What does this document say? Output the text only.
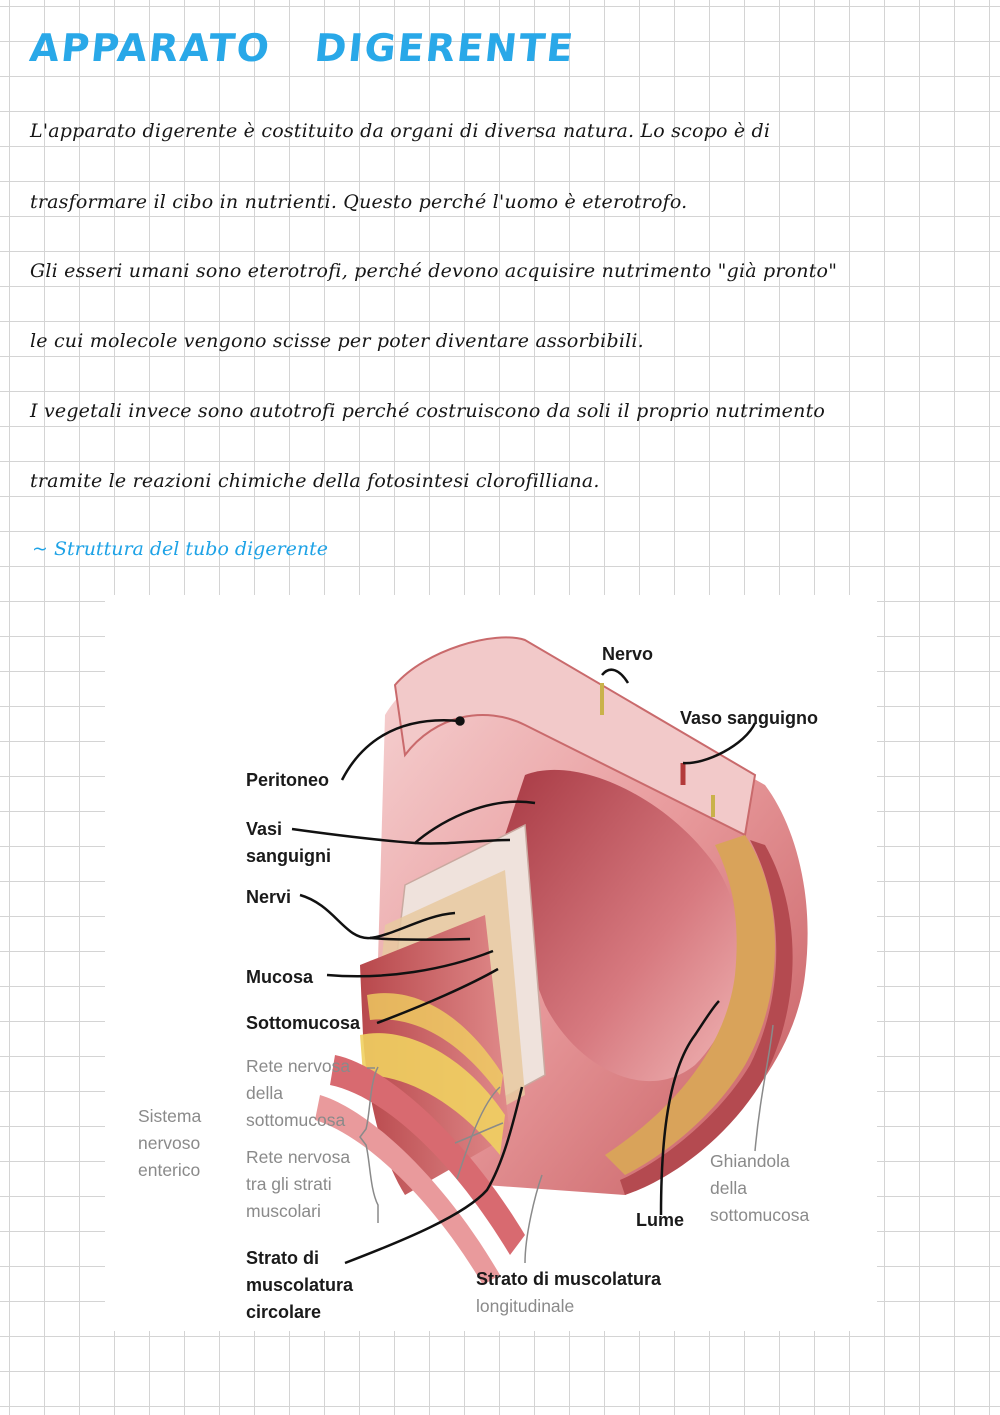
APPARATO DIGERENTE
L'apparato digerente è costituito da organi di diversa natura. Lo scopo è di
trasformare il cibo in nutrienti. Questo perché l'uomo è eterotrofo.
Gli esseri umani sono eterotrofi, perché devono acquisire nutrimento "già pronto"
le cui molecole vengono scisse per poter diventare assorbibili.
I vegetali invece sono autotrofi perché costruiscono da soli il proprio nutrimento
tramite le reazioni chimiche della fotosintesi clorofilliana.
~ Struttura del tubo digerente
Nervo
Vaso sanguigno
Peritoneo
Vasi
sanguigni
Nervi
Mucosa
Sottomucosa
Rete nervosa
della
sottomucosa
Sistema
nervoso
enterico
Rete nervosa
tra gli strati
muscolari
Strato di
muscolatura
circolare
Strato di muscolatura
longitudinale
Lume
Ghiandola
della
sottomucosa
